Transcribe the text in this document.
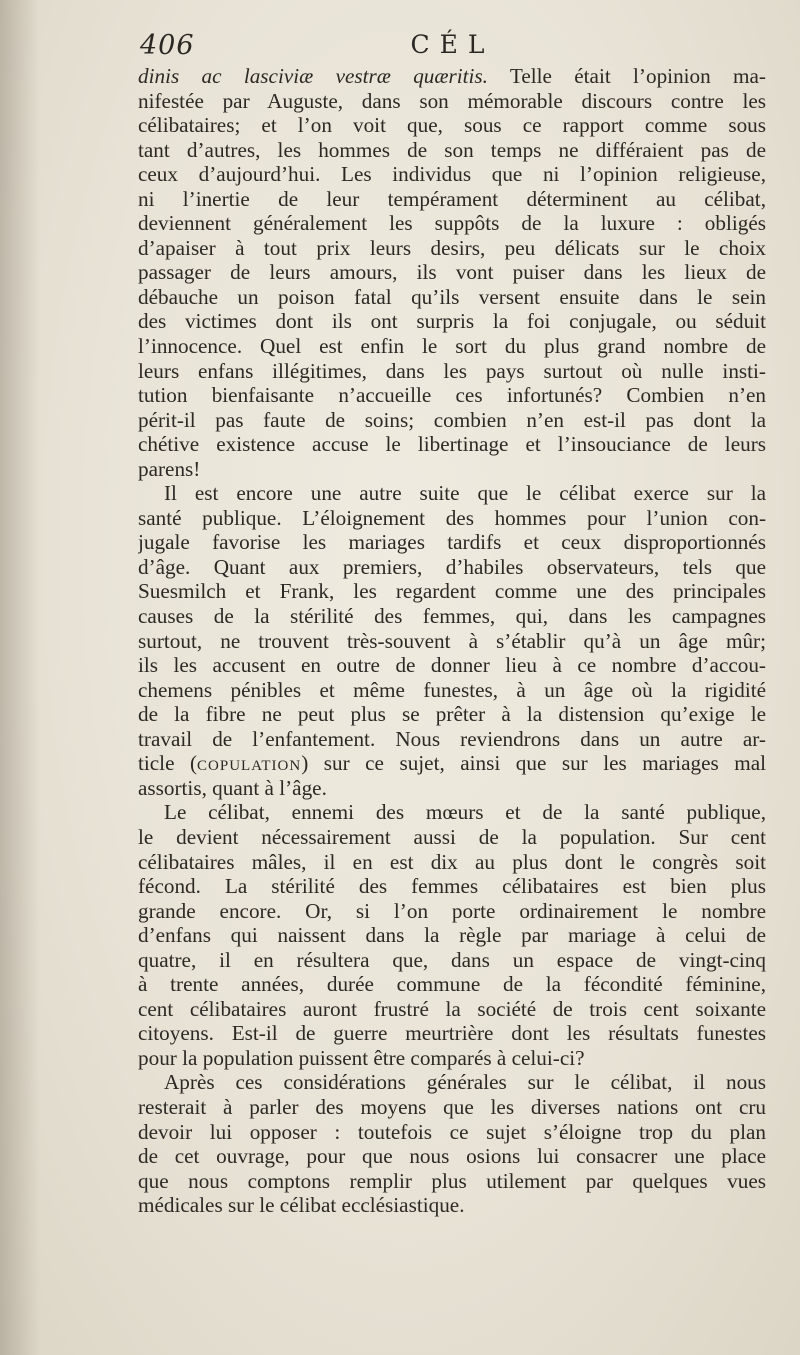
406	CÉL
dinis ac lasciviæ vestræ quæritis. Telle était l’opinion ma-
nifestée par Auguste, dans son mémorable discours contre les
célibataires; et l’on voit que, sous ce rapport comme sous
tant d’autres, les hommes de son temps ne différaient pas de
ceux d’aujourd’hui. Les individus que ni l’opinion religieuse,
ni l’inertie de leur tempérament déterminent au célibat,
deviennent généralement les suppôts de la luxure : obligés
d’apaiser à tout prix leurs desirs, peu délicats sur le choix
passager de leurs amours, ils vont puiser dans les lieux de
débauche un poison fatal qu’ils versent ensuite dans le sein
des victimes dont ils ont surpris la foi conjugale, ou séduit
l’innocence. Quel est enfin le sort du plus grand nombre de
leurs enfans illégitimes, dans les pays surtout où nulle insti-
tution bienfaisante n’accueille ces infortunés? Combien n’en
périt-il pas faute de soins; combien n’en est-il pas dont la
chétive existence accuse le libertinage et l’insouciance de leurs
parens!
Il est encore une autre suite que le célibat exerce sur la
santé publique. L’éloignement des hommes pour l’union con-
jugale favorise les mariages tardifs et ceux disproportionnés
d’âge. Quant aux premiers, d’habiles observateurs, tels que
Suesmilch et Frank, les regardent comme une des principales
causes de la stérilité des femmes, qui, dans les campagnes
surtout, ne trouvent très-souvent à s’établir qu’à un âge mûr;
ils les accusent en outre de donner lieu à ce nombre d’accou-
chemens pénibles et même funestes, à un âge où la rigidité
de la fibre ne peut plus se prêter à la distension qu’exige le
travail de l’enfantement. Nous reviendrons dans un autre ar-
ticle (copulation) sur ce sujet, ainsi que sur les mariages mal
assortis, quant à l’âge.
Le célibat, ennemi des mœurs et de la santé publique,
le devient nécessairement aussi de la population. Sur cent
célibataires mâles, il en est dix au plus dont le congrès soit
fécond. La stérilité des femmes célibataires est bien plus
grande encore. Or, si l’on porte ordinairement le nombre
d’enfans qui naissent dans la règle par mariage à celui de
quatre, il en résultera que, dans un espace de vingt-cinq
à trente années, durée commune de la fécondité féminine,
cent célibataires auront frustré la société de trois cent soixante
citoyens. Est-il de guerre meurtrière dont les résultats funestes
pour la population puissent être comparés à celui-ci?
Après ces considérations générales sur le célibat, il nous
resterait à parler des moyens que les diverses nations ont cru
devoir lui opposer : toutefois ce sujet s’éloigne trop du plan
de cet ouvrage, pour que nous osions lui consacrer une place
que nous comptons remplir plus utilement par quelques vues
médicales sur le célibat ecclésiastique.
